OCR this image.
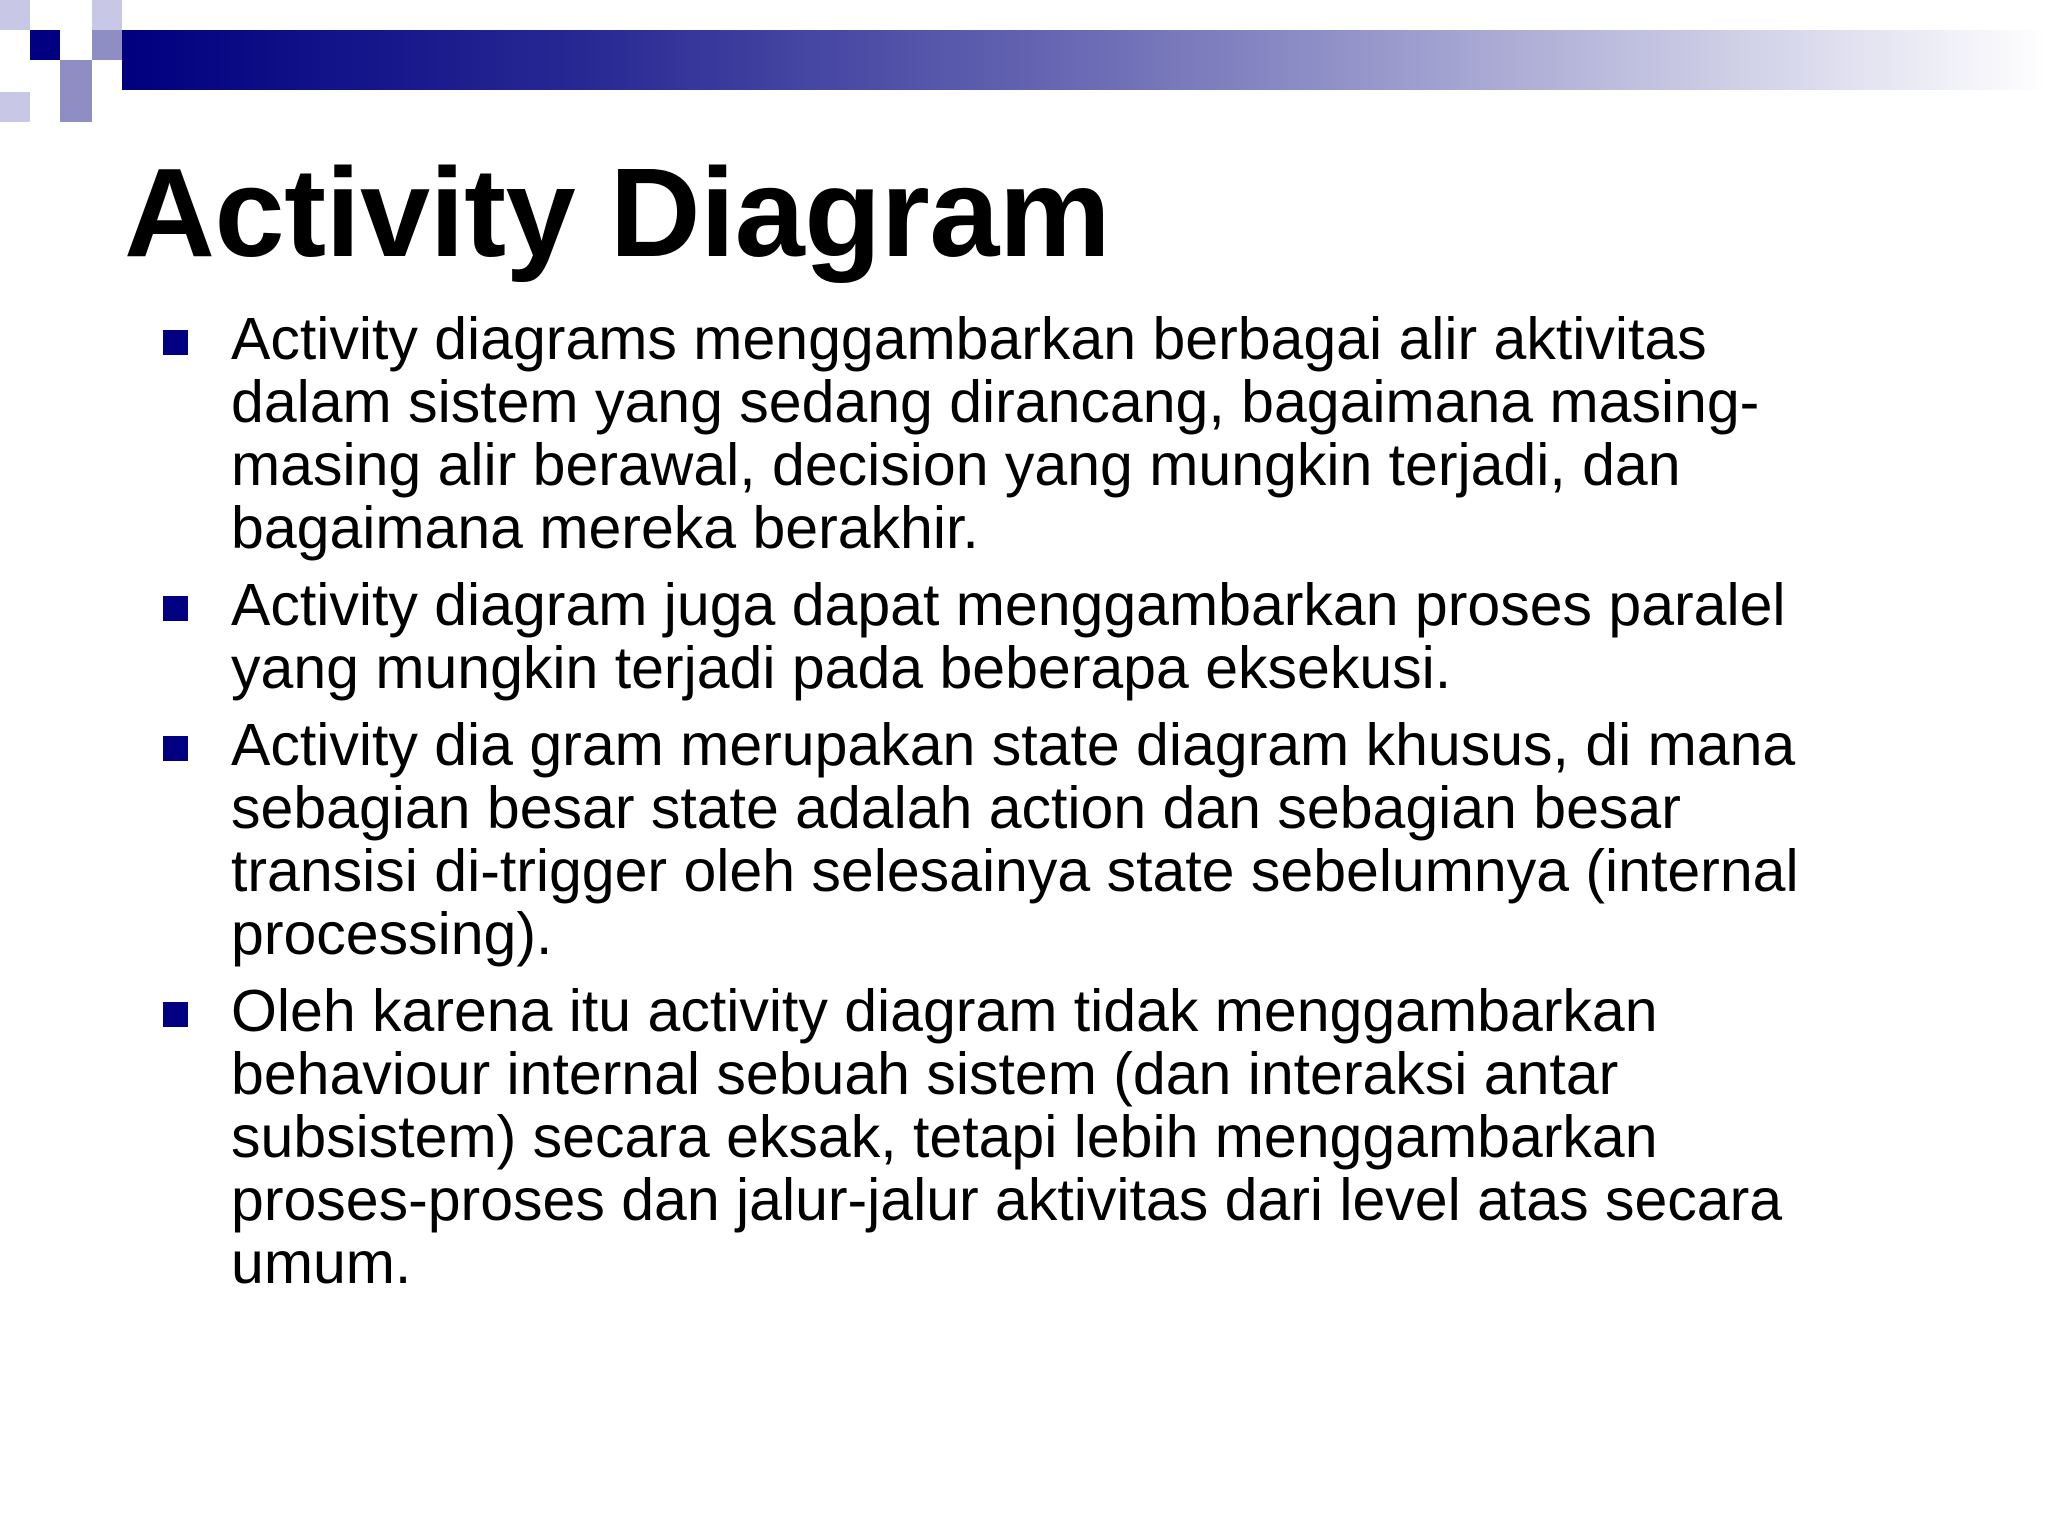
Activity Diagram
Activity diagrams menggambarkan berbagai alir aktivitas
dalam sistem yang sedang dirancang, bagaimana masing-
masing alir berawal, decision yang mungkin terjadi, dan
bagaimana mereka berakhir.
Activity diagram juga dapat menggambarkan proses paralel
yang mungkin terjadi pada beberapa eksekusi.
Activity dia gram merupakan state diagram khusus, di mana
sebagian besar state adalah action dan sebagian besar
transisi di-trigger oleh selesainya state sebelumnya (internal
processing).
Oleh karena itu activity diagram tidak menggambarkan
behaviour internal sebuah sistem (dan interaksi antar
subsistem) secara eksak, tetapi lebih menggambarkan
proses-proses dan jalur-jalur aktivitas dari level atas secara
umum.
